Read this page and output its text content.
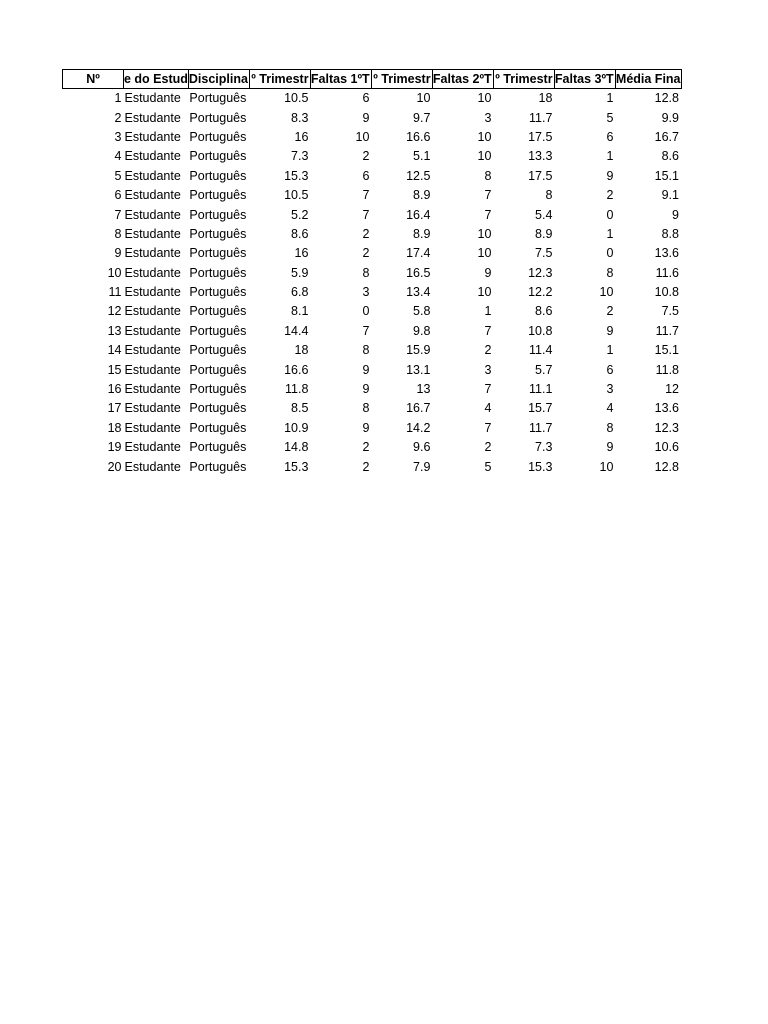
Nº	e do Estud	Disciplina	º Trimestr	Faltas 1ºT	º Trimestr	Faltas 2ºT	º Trimestr	Faltas 3ºT	Média Fina

1	Estudante	Português	10.5	6	10	10	18	1	12.8
2	Estudante	Português	8.3	9	9.7	3	11.7	5	9.9
3	Estudante	Português	16	10	16.6	10	17.5	6	16.7
4	Estudante	Português	7.3	2	5.1	10	13.3	1	8.6
5	Estudante	Português	15.3	6	12.5	8	17.5	9	15.1
6	Estudante	Português	10.5	7	8.9	7	8	2	9.1
7	Estudante	Português	5.2	7	16.4	7	5.4	0	9
8	Estudante	Português	8.6	2	8.9	10	8.9	1	8.8
9	Estudante	Português	16	2	17.4	10	7.5	0	13.6
10	Estudante	Português	5.9	8	16.5	9	12.3	8	11.6
11	Estudante	Português	6.8	3	13.4	10	12.2	10	10.8
12	Estudante	Português	8.1	0	5.8	1	8.6	2	7.5
13	Estudante	Português	14.4	7	9.8	7	10.8	9	11.7
14	Estudante	Português	18	8	15.9	2	11.4	1	15.1
15	Estudante	Português	16.6	9	13.1	3	5.7	6	11.8
16	Estudante	Português	11.8	9	13	7	11.1	3	12
17	Estudante	Português	8.5	8	16.7	4	15.7	4	13.6
18	Estudante	Português	10.9	9	14.2	7	11.7	8	12.3
19	Estudante	Português	14.8	2	9.6	2	7.3	9	10.6
20	Estudante	Português	15.3	2	7.9	5	15.3	10	12.8
